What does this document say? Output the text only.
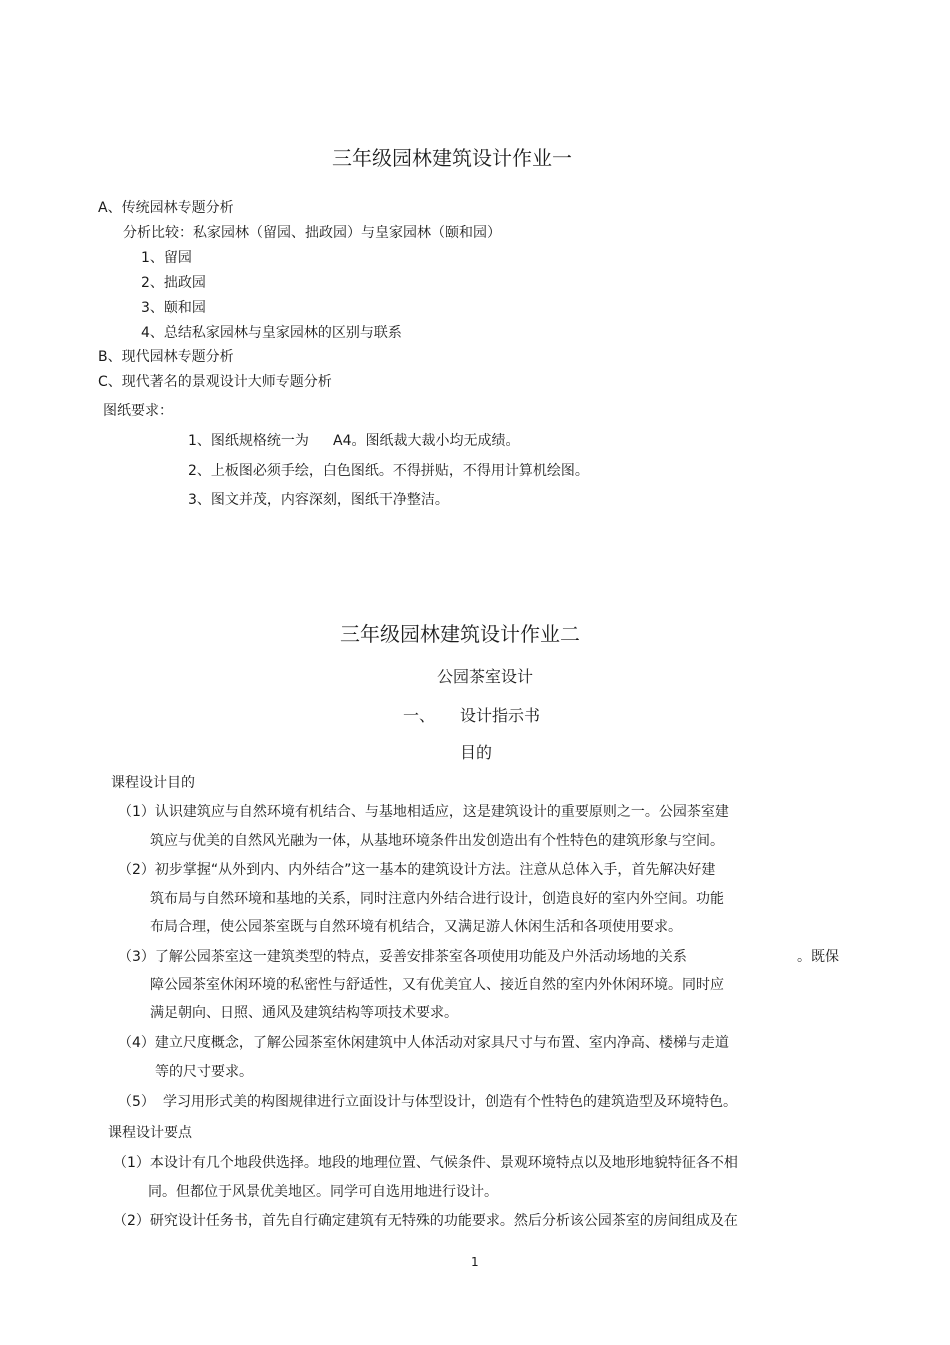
三年级园林建筑设计作业一
A、传统园林专题分析
分析比较：私家园林（留园、拙政园）与皇家园林（颐和园）
1、留园
2、拙政园
3、颐和园
4、总结私家园林与皇家园林的区别与联系
B、现代园林专题分析
C、现代著名的景观设计大师专题分析
图纸要求：
1、图纸规格统一为 A4。图纸裁大裁小均无成绩。
2、上板图必须手绘，白色图纸。不得拼贴，不得用计算机绘图。
3、图文并茂，内容深刻，图纸干净整洁。
三年级园林建筑设计作业二
公园茶室设计
一、 设计指示书
目的
课程设计目的
（1）认识建筑应与自然环境有机结合、与基地相适应，这是建筑设计的重要原则之一。公园茶室建
筑应与优美的自然风光融为一体，从基地环境条件出发创造出有个性特色的建筑形象与空间。
（2）初步掌握“从外到内、内外结合”这一基本的建筑设计方法。注意从总体入手，首先解决好建
筑布局与自然环境和基地的关系，同时注意内外结合进行设计，创造良好的室内外空间。功能
布局合理，使公园茶室既与自然环境有机结合，又满足游人休闲生活和各项使用要求。
（3）了解公园茶室这一建筑类型的特点，妥善安排茶室各项使用功能及户外活动场地的关系	。既保
障公园茶室休闲环境的私密性与舒适性，又有优美宜人、接近自然的室内外休闲环境。同时应
满足朝向、日照、通风及建筑结构等项技术要求。
（4）建立尺度概念，了解公园茶室休闲建筑中人体活动对家具尺寸与布置、室内净高、楼梯与走道
等的尺寸要求。
（5） 学习用形式美的构图规律进行立面设计与体型设计，创造有个性特色的建筑造型及环境特色。
课程设计要点
（1）本设计有几个地段供选择。地段的地理位置、气候条件、景观环境特点以及地形地貌特征各不相
同。但都位于风景优美地区。同学可自选用地进行设计。
（2）研究设计任务书，首先自行确定建筑有无特殊的功能要求。然后分析该公园茶室的房间组成及在
1
